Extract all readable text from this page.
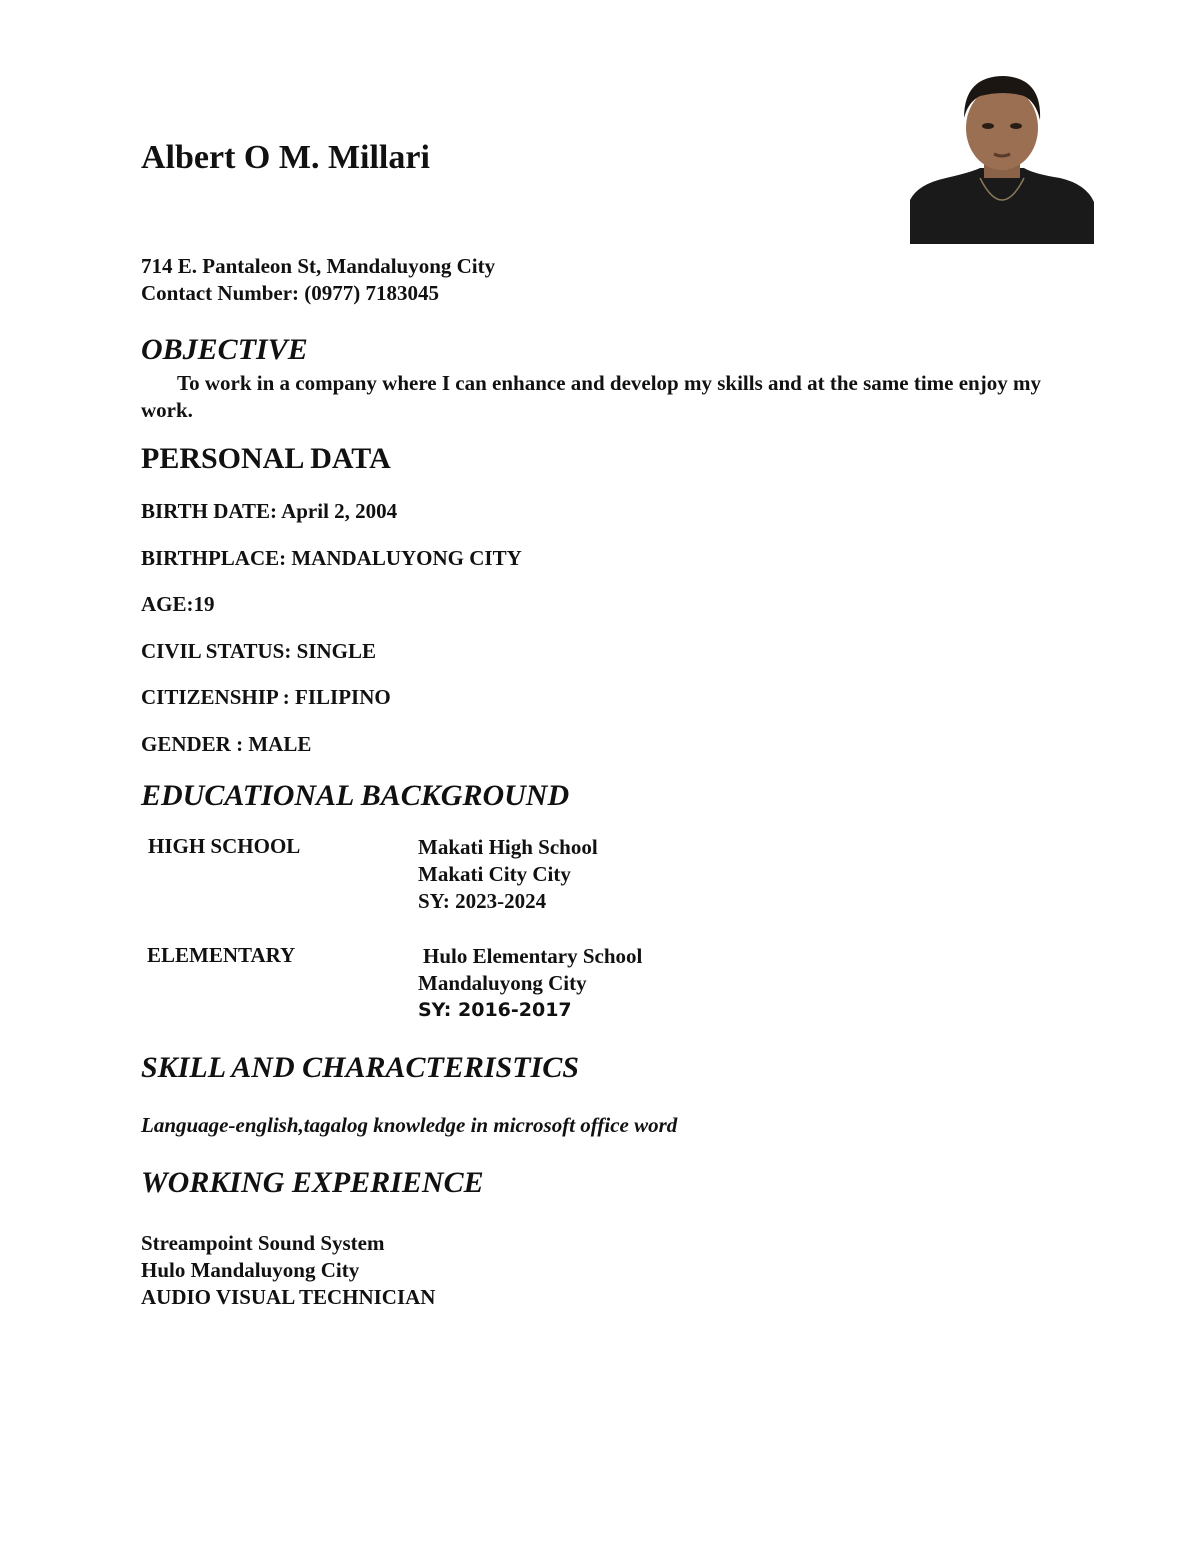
Albert O M. Millari
714 E. Pantaleon St, Mandaluyong City
Contact Number: (0977) 7183045
OBJECTIVE
To work in a company where I can enhance and develop my skills and at the same time enjoy my work.
PERSONAL DATA
BIRTH DATE: April 2, 2004
BIRTHPLACE: MANDALUYONG CITY
AGE:19
CIVIL STATUS: SINGLE
CITIZENSHIP : FILIPINO
GENDER : MALE
EDUCATIONAL BACKGROUND
HIGH SCHOOL	Makati High School
Makati City City
SY: 2023-2024
ELEMENTARY	Hulo Elementary School
Mandaluyong City
SY: 2016-2017
SKILL AND CHARACTERISTICS
Language-english,tagalog knowledge in microsoft office word
WORKING EXPERIENCE
Streampoint Sound System
Hulo Mandaluyong City
AUDIO VISUAL TECHNICIAN
